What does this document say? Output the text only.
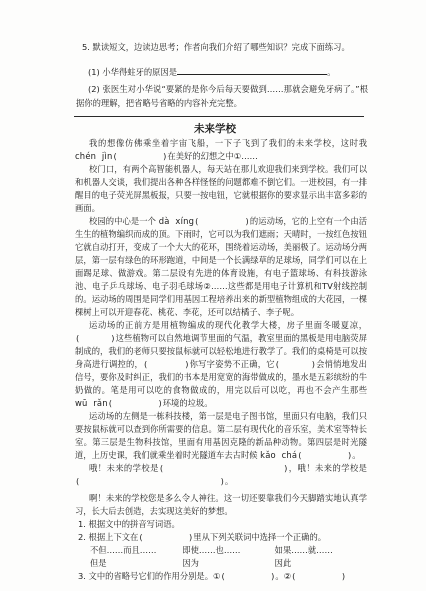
5. 默读短文，边读边思考；作者向我们介绍了哪些知识？完成下面练习。
(1) 小华得蛀牙的原因是	。
(2) 张医生对小华说“要紧的是你今后每天要做到……那就会避免牙病了。”根据你的理解，把省略号省略的内容补充完整。
未来学校

我的想像仿佛乘坐着宇宙飞船，一下子飞到了我们的未来学校，这时我chén  jìn(         )在美好的幻想之中①……

校门口，有两个高智能机器人，每天站在那儿欢迎我们来到学校。我们可以和机器人交谈，我们提出各种各样怪怪的问题都难不倒它们。一进校园，有一排醒目的电子荧光屏黑板报，只要一按电钮，它就根据你的要求显示出丰富多彩的画面。

校园的中心是一个 dà  xíng(         )的运动场，它的上空有一个由活生生的植物编织而成的顶。下雨时，它可以为我们遮雨；天晴时，一按红色按钮它就自动打开，变成了一个大大的花环，围绕着运动场，美丽极了。运动场分两层，第一层有绿色的环形跑道，中间是一个长满绿草的足球场，同学们可以在上面踢足球、做游戏。第二层设有先进的体育设施，有电子篮球场、有科技游泳池、电子乒乓球场、电子羽毛球场②……这些都是用电子计算机和TV射线控制的。运动场的周围是同学们用基因工程培养出来的新型植物组成的大花园，一棵棵树上可以开迎春花、桃花、李花，还可以结橘子、李子呢。

运动场的正前方是用植物编成的现代化教学大楼，房子里面冬暖夏凉，(      )这些植物可以自然地调节里面的气温，教室里面的黑板是用电脑荧屏制成的，我们的老师只要按鼠标就可以轻松地进行教学了。我们的桌椅是可以按身高进行调控的，(       )你写字姿势不正确，它(      )会悄悄地发出信号，要你及时纠正，我们的书本是用宽宽的海带做成的，墨水是五彩缤纷的牛奶做的。笔是用可以吃的食物做成的，用完以后可以吃，再也不会产生那些 wū  rǎn(         )环境的垃圾。

运动场的左侧是一栋科技楼，第一层是电子图书馆，里面只有电脑，我们只要按鼠标就可以查到你所需要的信息。第二层有现代化的音乐室，美术室等特长室。第三层是生物科技馆，里面有用基因克隆的新品种动物。第四层是时光隧道，上历史课，我们就乘坐着时光隧道车去古时候 kǎo  chá(         )。

哦！未来的学校是(                      )，哦！未来的学校是(                            )。

啊！未来的学校您是多么令人神往。这一切还要靠我们今天脚踏实地认真学习，长大后去创造，去实现这美好的梦想。

1. 根据文中的拼音写词语。

2. 根据上下文在(         )里从下列关联词中选择一个正确的。

不但……而且……	即使……也……	如果……就……
但是	因为	因此

3. 文中的省略号它们的作用分别是。①(         )。②(         )
